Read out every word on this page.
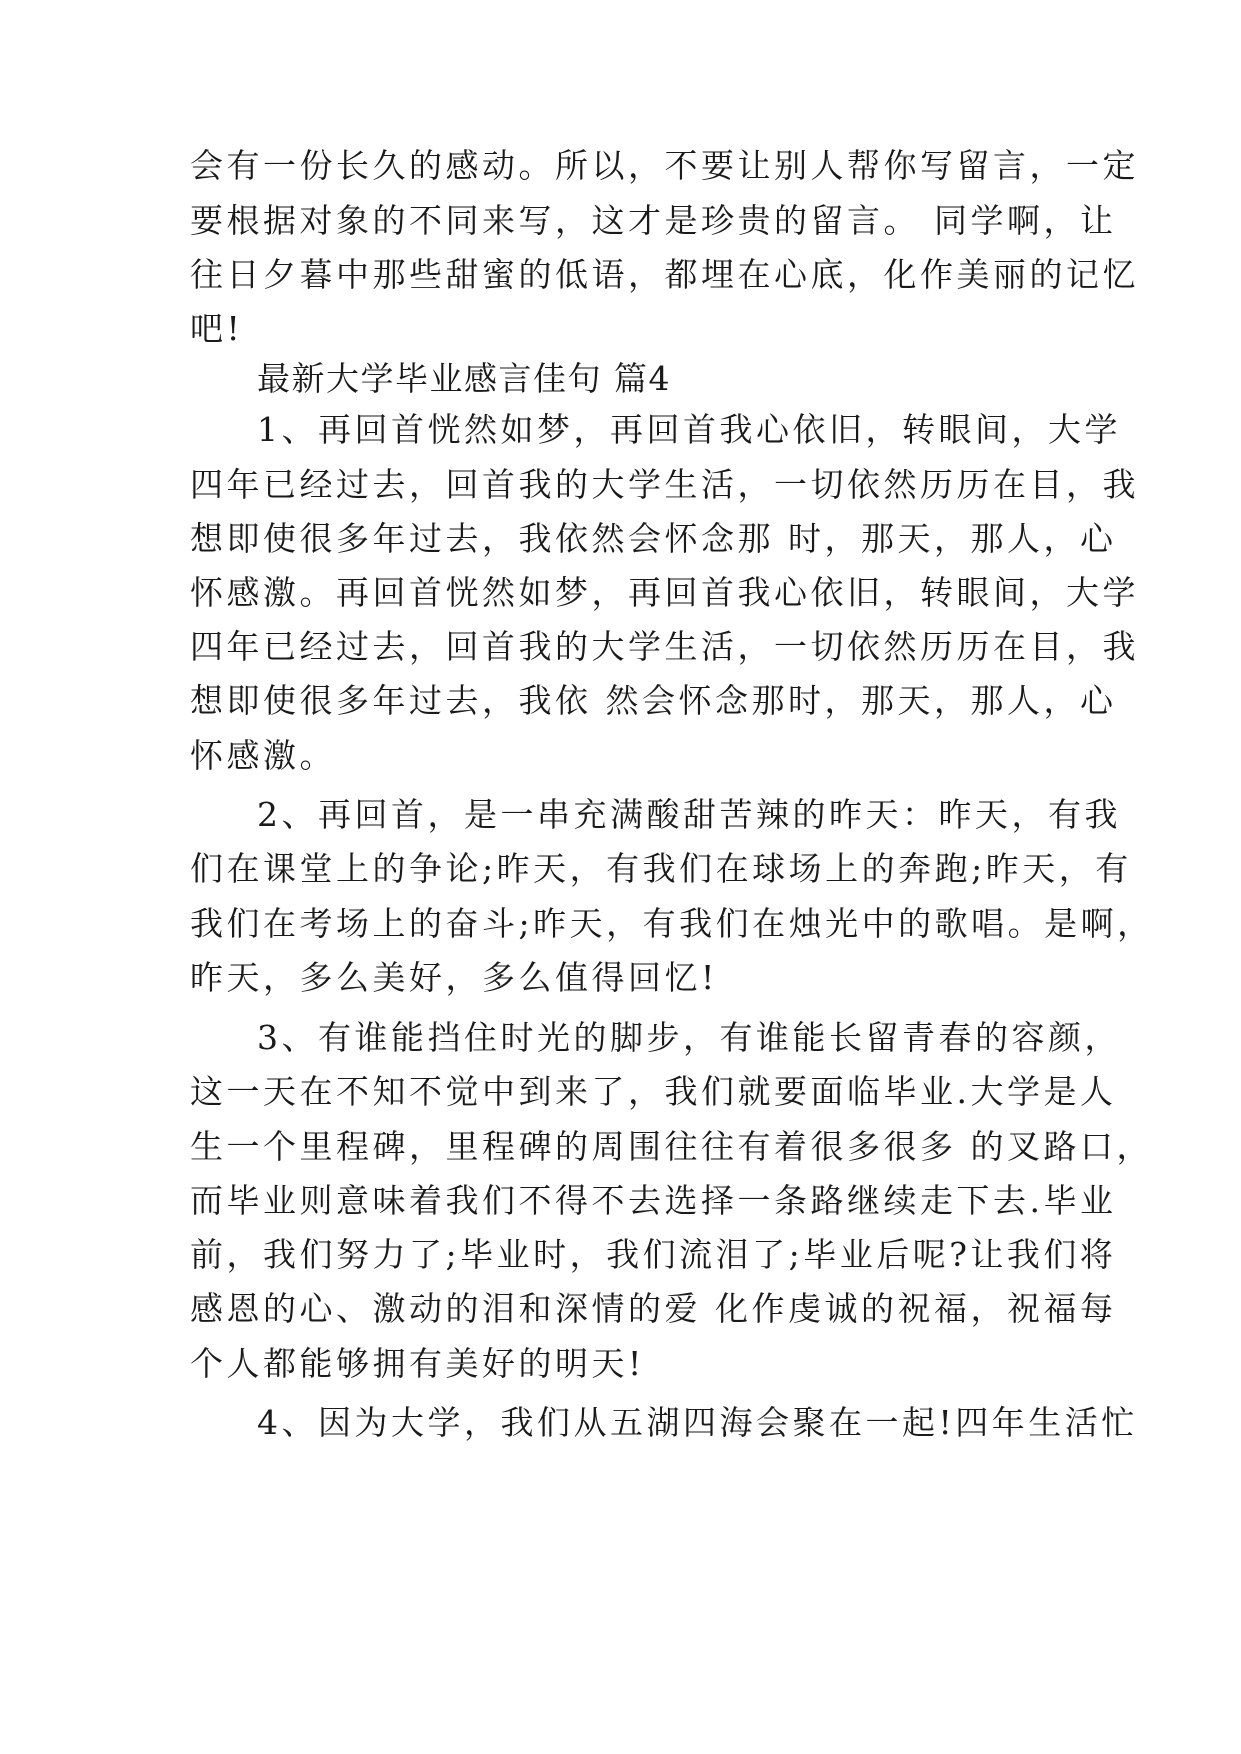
会有一份长久的感动。所以，不要让别人帮你写留言，一定
要根据对象的不同来写，这才是珍贵的留言。 同学啊，让
往日夕暮中那些甜蜜的低语，都埋在心底，化作美丽的记忆
吧!
最新大学毕业感言佳句 篇4
1、再回首恍然如梦，再回首我心依旧，转眼间，大学
四年已经过去，回首我的大学生活，一切依然历历在目，我
想即使很多年过去，我依然会怀念那 时，那天，那人，心
怀感激。再回首恍然如梦，再回首我心依旧，转眼间，大学
四年已经过去，回首我的大学生活，一切依然历历在目，我
想即使很多年过去，我依 然会怀念那时，那天，那人，心
怀感激。
2、再回首，是一串充满酸甜苦辣的昨天：昨天，有我
们在课堂上的争论;昨天，有我们在球场上的奔跑;昨天，有
我们在考场上的奋斗;昨天，有我们在烛光中的歌唱。是啊，
昨天，多么美好，多么值得回忆!
3、有谁能挡住时光的脚步，有谁能长留青春的容颜，
这一天在不知不觉中到来了，我们就要面临毕业.大学是人
生一个里程碑，里程碑的周围往往有着很多很多 的叉路口，
而毕业则意味着我们不得不去选择一条路继续走下去.毕业
前，我们努力了;毕业时，我们流泪了;毕业后呢?让我们将
感恩的心、激动的泪和深情的爱 化作虔诚的祝福，祝福每
个人都能够拥有美好的明天!
4、因为大学，我们从五湖四海会聚在一起!四年生活忙
